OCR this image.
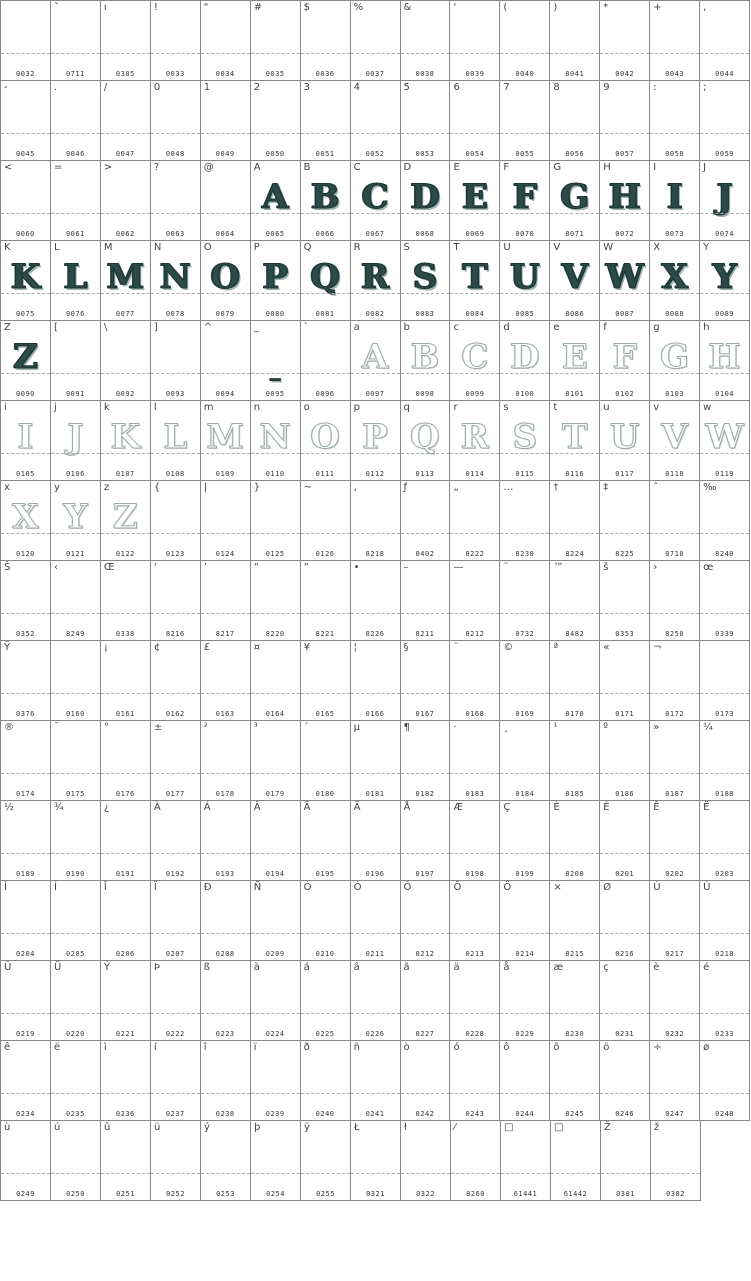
0032
ˇ
0711
ı
0305
!
0033
"
0034
#
0035
$
0036
%
0037
&
0038
'
0039
(
0040
)
0041
*
0042
+
0043
,
0044
-
0045
.
0046
/
0047
0
0048
1
0049
2
0050
3
0051
4
0052
5
0053
6
0054
7
0055
8
0056
9
0057
:
0058
;
0059
<
0060
=
0061
>
0062
?
0063
@
0064
A
A
0065
B
B
0066
C
C
0067
D
D
0068
E
E
0069
F
F
0070
G
G
0071
H
H
0072
I
I
0073
J
J
0074
K
K
0075
L
L
0076
M
M
0077
N
N
0078
O
O
0079
P
P
0080
Q
Q
0081
R
R
0082
S
S
0083
T
T
0084
U
U
0085
V
V
0086
W
W
0087
X
X
0088
Y
Y
0089
Z
Z
0090
[
0091
\
0092
]
0093
^
0094
_
_
0095
`
0096
a
A
0097
b
B
0098
c
C
0099
d
D
0100
e
E
0101
f
F
0102
g
G
0103
h
H
0104
i
I
0105
j
J
0106
k
K
0107
l
L
0108
m
M
0109
n
N
0110
o
O
0111
p
P
0112
q
Q
0113
r
R
0114
s
S
0115
t
T
0116
u
U
0117
v
V
0118
w
W
0119
x
X
0120
y
Y
0121
z
Z
0122
{
0123
|
0124
}
0125
~
0126
‚
8218
ƒ
0402
„
8222
…
8230
†
8224
‡
8225
ˆ
0710
‰
8240
Š
0352
‹
8249
Œ
0338
‘
8216
’
8217
“
8220
”
8221
•
8226
–
8211
—
8212
˜
0732
™
8482
š
0353
›
8250
œ
0339
Ÿ
0376	0160
¡
0161
¢
0162
£
0163
¤
0164
¥
0165
¦
0166
§
0167
¨
0168
©
0169
ª
0170
«
0171
¬
0172	0173
®
0174
¯
0175
°
0176
±
0177
²
0178
³
0179
´
0180
µ
0181
¶
0182
·
0183
¸
0184
¹
0185
º
0186
»
0187
¼
0188
½
0189
¾
0190
¿
0191
À
0192
Á
0193
Â
0194
Ã
0195
Ä
0196
Å
0197
Æ
0198
Ç
0199
È
0200
É
0201
Ê
0202
Ë
0203
Ì
0204
Í
0205
Î
0206
Ï
0207
Ð
0208
Ñ
0209
Ò
0210
Ó
0211
Ô
0212
Õ
0213
Ö
0214
×
0215
Ø
0216
Ù
0217
Ú
0218
Û
0219
Ü
0220
Ý
0221
Þ
0222
ß
0223
à
0224
á
0225
â
0226
ã
0227
ä
0228
å
0229
æ
0230
ç
0231
è
0232
é
0233
ê
0234
ë
0235
ì
0236
í
0237
î
0238
ï
0239
ð
0240
ñ
0241
ò
0242
ó
0243
ô
0244
õ
0245
ö
0246
÷
0247
ø
0248
ù
0249
ú
0250
û
0251
ü
0252
ý
0253
þ
0254
ÿ
0255
Ł
0321
ł
0322
⁄
8260
□
61441
□
61442
Ž
0381
ž
0382
